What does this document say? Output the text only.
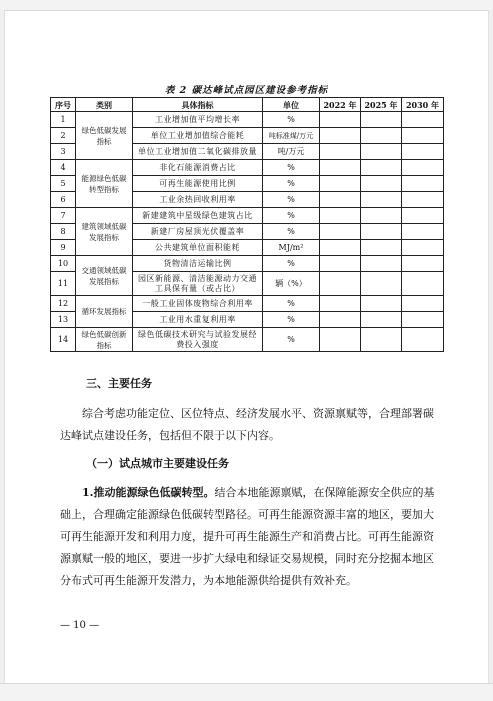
表 2 碳达峰试点园区建设参考指标
序号	类别	具体指标	单位	2022 年	2025 年	2030 年
1	绿色低碳发展指标	工业增加值平均增长率	%			
2		单位工业增加值综合能耗	吨标准煤/万元			
3		单位工业增加值二氧化碳排放量	吨/万元			
4	能源绿色低碳转型指标	非化石能源消费占比	%			
5		可再生能源使用比例	%			
6		工业余热回收利用率	%			
7	建筑领域低碳发展指标	新建建筑中星级绿色建筑占比	%			
8		新建厂房屋顶光伏覆盖率	%			
9		公共建筑单位面积能耗	MJ/m²			
10	交通领域低碳发展指标	货物清洁运输比例	%			
11		园区新能源、清洁能源动力交通工具保有量（或占比）	辆（%）			
12	循环发展指标	一般工业固体废物综合利用率	%			
13		工业用水重复利用率	%			
14	绿色低碳创新指标	绿色低碳技术研究与试验发展经费投入强度	%			
三、主要任务
综合考虑功能定位、区位特点、经济发展水平、资源禀赋等，合理部署碳达峰试点建设任务，包括但不限于以下内容。
（一）试点城市主要建设任务
1.推动能源绿色低碳转型。结合本地能源禀赋，在保障能源安全供应的基础上，合理确定能源绿色低碳转型路径。可再生能源资源丰富的地区，要加大可再生能源开发和利用力度，提升可再生能源生产和消费占比。可再生能源资源禀赋一般的地区，要进一步扩大绿电和绿证交易规模，同时充分挖掘本地区分布式可再生能源开发潜力，为本地能源供给提供有效补充。
— 10 —
